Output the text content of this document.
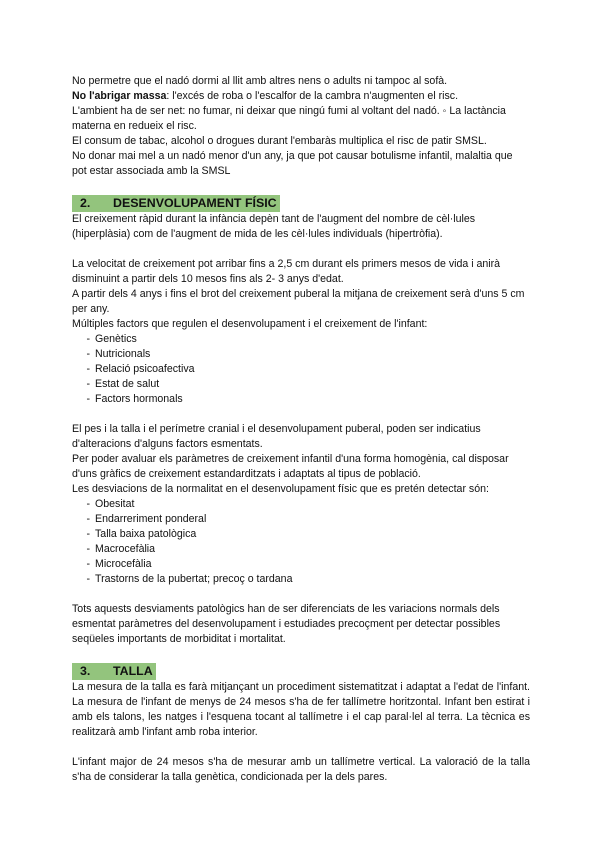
No permetre que el nadó dormi al llit amb altres nens o adults ni tampoc al sofà.

No l'abrigar massa: l'excés de roba o l'escalfor de la cambra n'augmenten el risc.

L'ambient ha de ser net: no fumar, ni deixar que ningú fumi al voltant del nadó. ◦ La lactància materna en redueix el risc.

El consum de tabac, alcohol o drogues durant l'embaràs multiplica el risc de patir SMSL.

No donar mai mel a un nadó menor d'un any, ja que pot causar botulisme infantil, malaltia que pot estar associada amb la SMSL

2. DESENVOLUPAMENT FÍSIC

El creixement ràpid durant la infància depèn tant de l'augment del nombre de cèl·lules (hiperplàsia) com de l'augment de mida de les cèl·lules individuals (hipertròfia).

La velocitat de creixement pot arribar fins a 2,5 cm durant els primers mesos de vida i anirà disminuint a partir dels 10 mesos fins als 2- 3 anys d'edat.

A partir dels 4 anys i fins el brot del creixement puberal la mitjana de creixement serà d'uns 5 cm per any.

Múltiples factors que regulen el desenvolupament i el creixement de l'infant:

- Genètics
- Nutricionals
- Relació psicoafectiva
- Estat de salut
- Factors hormonals

El pes i la talla i el perímetre cranial i el desenvolupament puberal, poden ser indicatius d'alteracions d'alguns factors esmentats.

Per poder avaluar els paràmetres de creixement infantil d'una forma homogènia, cal disposar d'uns gràfics de creixement estandarditzats i adaptats al tipus de població.

Les desviacions de la normalitat en el desenvolupament físic que es pretén detectar són:

- Obesitat
- Endarreriment ponderal
- Talla baixa patològica
- Macrocefàlia
- Microcefàlia
- Trastorns de la pubertat; precoç o tardana

Tots aquests desviaments patològics han de ser diferenciats de les variacions normals dels esmentat paràmetres del desenvolupament i estudiades precoçment per detectar possibles seqüeles importants de morbiditat i mortalitat.

3. TALLA

La mesura de la talla es farà mitjançant un procediment sistematitzat i adaptat a l'edat de l'infant. La mesura de l'infant de menys de 24 mesos s'ha de fer tallímetre horitzontal. Infant ben estirat i amb els talons, les natges i l'esquena tocant al tallímetre i el cap paral·lel al terra. La tècnica es realitzarà amb l'infant amb roba interior.

L'infant major de 24 mesos s'ha de mesurar amb un tallímetre vertical. La valoració de la talla s'ha de considerar la talla genètica, condicionada per la dels pares.
